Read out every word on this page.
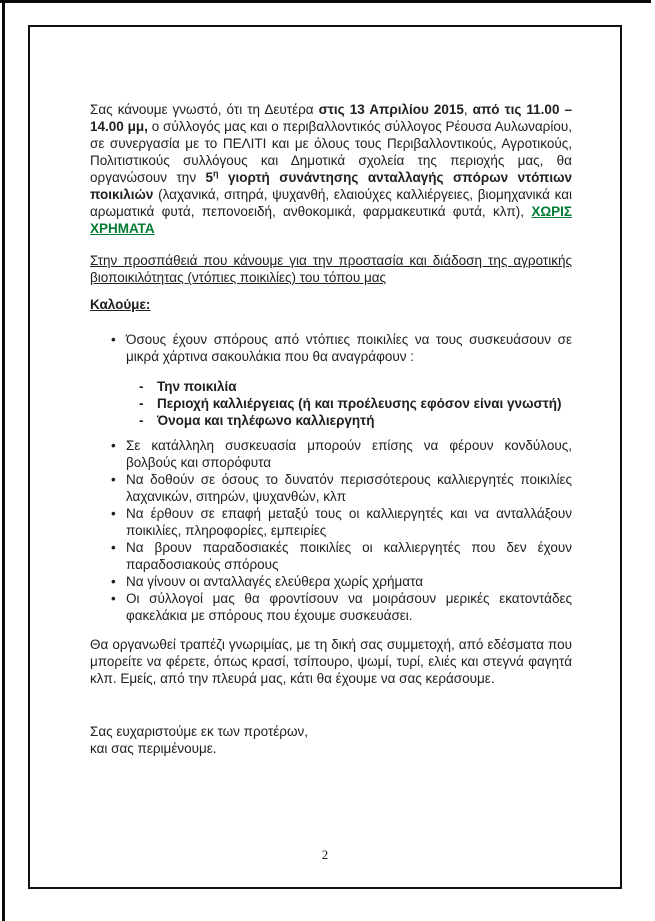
Σας κάνουμε γνωστό, ότι τη Δευτέρα στις 13 Απριλίου 2015, από τις 11.00 – 14.00 μμ, ο σύλλογός μας και ο περιβαλλοντικός σύλλογος Ρέουσα Αυλωναρίου, σε συνεργασία με το ΠΕΛΙΤΙ και με όλους τους Περιβαλλοντικούς, Αγροτικούς, Πολιτιστικούς συλλόγους και Δημοτικά σχολεία της περιοχής μας, θα οργανώσουν την $5^\eta$ γιορτή συνάντησης ανταλλαγής σπόρων ντόπιων ποικιλιών (λαχανικά, σιτηρά, ψυχανθή, ελαιούχες καλλιέργειες, βιομηχανικά και αρωματικά φυτά, πεπονοειδή, ανθοκομικά, φαρμακευτικά φυτά, κλπ), ΧΩΡΙΣ ΧΡΗΜΑΤΑ

Στην προσπάθειά που κάνουμε για την προστασία και διάδοση της αγροτικής βιοποικιλότητας (ντόπιες ποικιλίες) του τόπου μας

Καλούμε:

• Όσους έχουν σπόρους από ντόπιες ποικιλίες να τους συσκευάσουν σε μικρά χάρτινα σακουλάκια που θα αναγράφουν :
- Την ποικιλία
- Περιοχή καλλιέργειας (ή και προέλευσης εφόσον είναι γνωστή)
- Όνομα και τηλέφωνο καλλιεργητή
• Σε κατάλληλη συσκευασία μπορούν επίσης να φέρουν κονδύλους, βολβούς και σπορόφυτα
• Να δοθούν σε όσους το δυνατόν περισσότερους καλλιεργητές ποικιλίες λαχανικών, σιτηρών, ψυχανθών, κλπ
• Να έρθουν σε επαφή μεταξύ τους οι καλλιεργητές και να ανταλλάξουν ποικιλίες, πληροφορίες, εμπειρίες
• Να βρουν παραδοσιακές ποικιλίες οι καλλιεργητές που δεν έχουν παραδοσιακούς σπόρους
• Να γίνουν οι ανταλλαγές ελεύθερα χωρίς χρήματα
• Οι σύλλογοί μας θα φροντίσουν να μοιράσουν μερικές εκατοντάδες φακελάκια με σπόρους που έχουμε συσκευάσει.

Θα οργανωθεί τραπέζι γνωριμίας, με τη δική σας συμμετοχή, από εδέσματα που μπορείτε να φέρετε, όπως κρασί, τσίπουρο, ψωμί, τυρί, ελιές και στεγνά φαγητά κλπ. Εμείς, από την πλευρά μας, κάτι θα έχουμε να σας κεράσουμε.

Σας ευχαριστούμε εκ των προτέρων,
και σας περιμένουμε.
2
